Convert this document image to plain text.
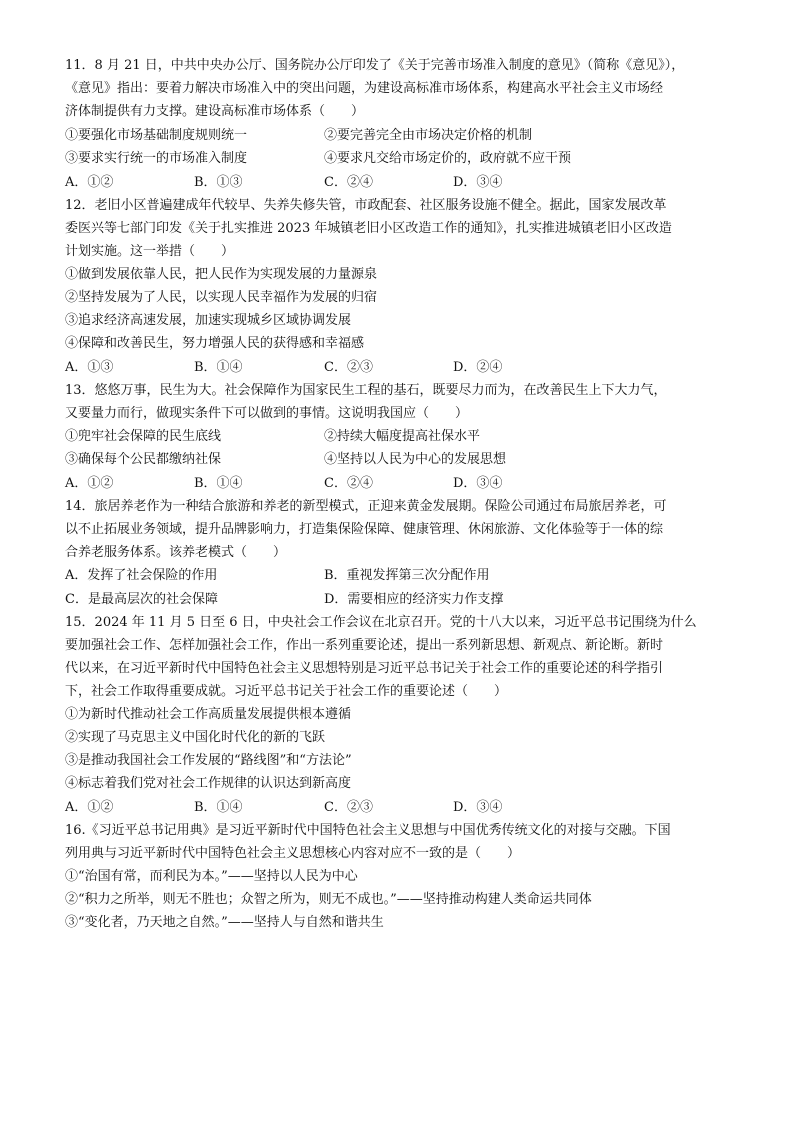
11．8 月 21 日，中共中央办公厅、国务院办公厅印发了《关于完善市场准入制度的意见》（简称《意见》），
《意见》指出：要着力解决市场准入中的突出问题，为建设高标准市场体系，构建高水平社会主义市场经
济体制提供有力支撑。建设高标准市场体系（　　）
①要强化市场基础制度规则统一	②要完善完全由市场决定价格的机制
③要求实行统一的市场准入制度	④要求凡交给市场定价的，政府就不应干预
A．①②	B．①③	C．②④	D．③④
12．老旧小区普遍建成年代较早、失养失修失管，市政配套、社区服务设施不健全。据此，国家发展改革
委医兴等七部门印发《关于扎实推进 2023 年城镇老旧小区改造工作的通知》，扎实推进城镇老旧小区改造
计划实施。这一举措（　　）
①做到发展依靠人民，把人民作为实现发展的力量源泉
②坚持发展为了人民，以实现人民幸福作为发展的归宿
③追求经济高速发展，加速实现城乡区域协调发展
④保障和改善民生，努力增强人民的获得感和幸福感
A．①③	B．①④	C．②③	D．②④
13．悠悠万事，民生为大。社会保障作为国家民生工程的基石，既要尽力而为，在改善民生上下大力气，
又要量力而行，做现实条件下可以做到的事情。这说明我国应（　　）
①兜牢社会保障的民生底线	②持续大幅度提高社保水平
③确保每个公民都缴纳社保	④坚持以人民为中心的发展思想
A．①②	B．①④	C．②④	D．③④
14．旅居养老作为一种结合旅游和养老的新型模式，正迎来黄金发展期。保险公司通过布局旅居养老，可
以不止拓展业务领域，提升品牌影响力，打造集保险保障、健康管理、休闲旅游、文化体验等于一体的综
合养老服务体系。该养老模式（　　）
A．发挥了社会保险的作用	B．重视发挥第三次分配作用
C．是最高层次的社会保障	D．需要相应的经济实力作支撑
15．2024 年 11 月 5 日至 6 日，中央社会工作会议在北京召开。党的十八大以来，习近平总书记围绕为什么
要加强社会工作、怎样加强社会工作，作出一系列重要论述，提出一系列新思想、新观点、新论断。新时
代以来，在习近平新时代中国特色社会主义思想特别是习近平总书记关于社会工作的重要论述的科学指引
下，社会工作取得重要成就。习近平总书记关于社会工作的重要论述（　　）
①为新时代推动社会工作高质量发展提供根本遵循
②实现了马克思主义中国化时代化的新的飞跃
③是推动我国社会工作发展的“路线图”和“方法论”
④标志着我们党对社会工作规律的认识达到新高度
A．①②	B．①④	C．②③	D．③④
16.《习近平总书记用典》是习近平新时代中国特色社会主义思想与中国优秀传统文化的对接与交融。下国
列用典与习近平新时代中国特色社会主义思想核心内容对应不一致的是（　　）
①“治国有常，而利民为本。”——坚持以人民为中心
②“积力之所举，则无不胜也；众智之所为，则无不成也。”——坚持推动构建人类命运共同体
③“变化者，乃天地之自然。”——坚持人与自然和谐共生
